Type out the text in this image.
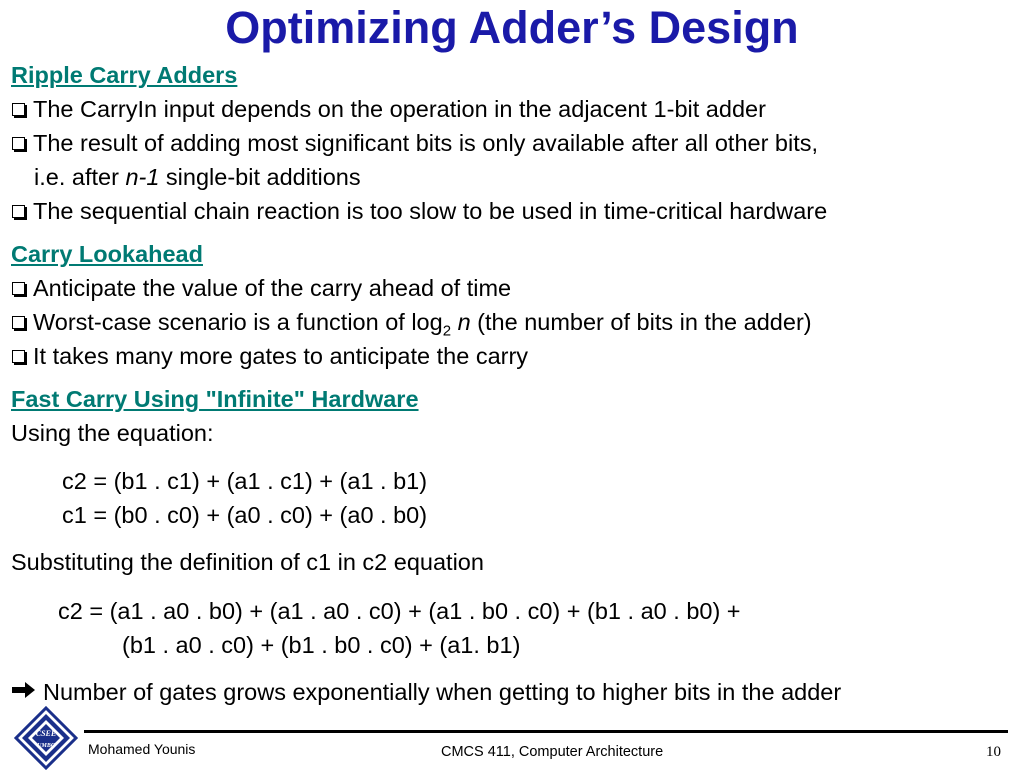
Optimizing Adder’s Design
Ripple Carry Adders
The CarryIn input depends on the operation in the adjacent 1-bit adder
The result of adding most significant bits is only available after all other bits,
i.e. after n-1 single-bit additions
The sequential chain reaction is too slow to be used in time-critical hardware
Carry Lookahead
Anticipate the value of the carry ahead of time
Worst-case scenario is a function of $\log_2 n$ (the number of bits in the adder)
It takes many more gates to anticipate the carry
Fast Carry Using "Infinite" Hardware
Using the equation:
c2 = (b1 . c1) + (a1 . c1) + (a1 . b1)
c1 = (b0 . c0) + (a0 . c0) + (a0 . b0)
Substituting the definition of c1 in c2 equation
c2 = (a1 . a0 . b0) + (a1 . a0 . c0) + (a1 . b0 . c0) + (b1 . a0 . b0) +
(b1 . a0 . c0) + (b1 . b0 . c0) + (a1. b1)
Number of gates grows exponentially when getting to higher bits in the adder
CSEE
UMBC Mohamed Younis	CMCS 411, Computer Architecture	10
